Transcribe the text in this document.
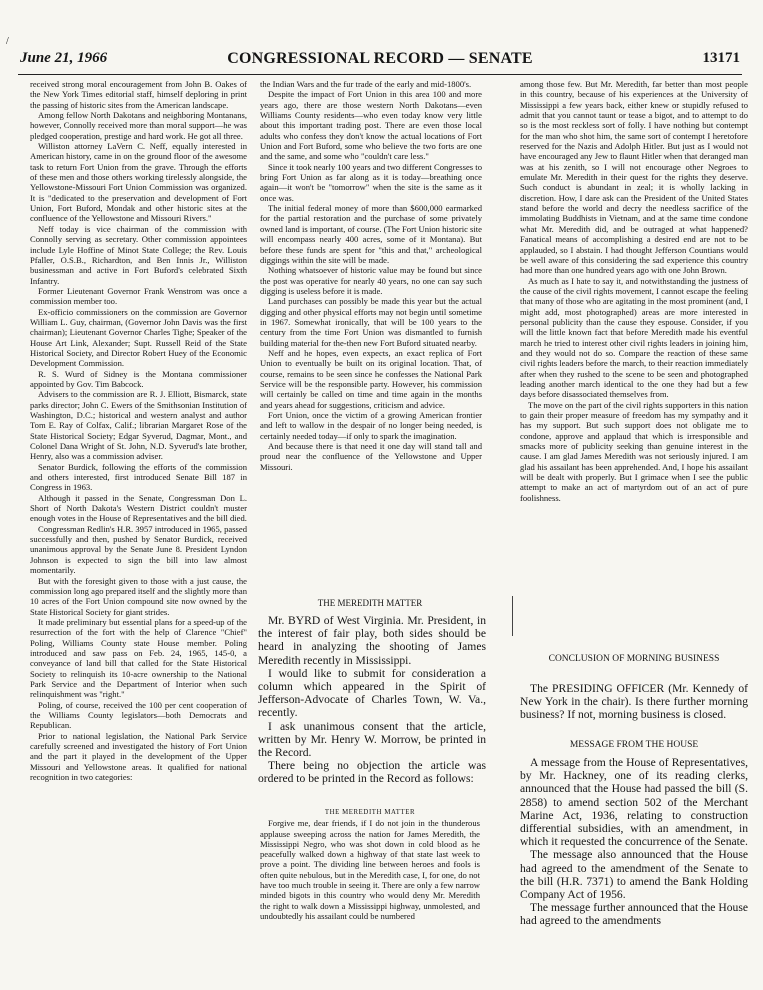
/
June 21, 1966	CONGRESSIONAL RECORD — SENATE	13171

received strong moral encouragement from John B. Oakes of the New York Times editorial staff, himself deploring in print the passing of historic sites from the American landscape.

Among fellow North Dakotans and neighboring Montanans, however, Connolly received more than moral support—he was pledged cooperation, prestige and hard work. He got all three.

Williston attorney LaVern C. Neff, equally interested in American history, came in on the ground floor of the awesome task to return Fort Union from the grave. Through the efforts of these men and those others working tirelessly alongside, the Yellowstone-Missouri Fort Union Commission was organized. It is "dedicated to the preservation and development of Fort Union, Fort Buford, Mondak and other historic sites at the confluence of the Yellowstone and Missouri Rivers."

Neff today is vice chairman of the commission with Connolly serving as secretary. Other commission appointees include Lyle Hoffine of Minot State College; the Rev. Louis Pfaller, O.S.B., Richardton, and Ben Innis Jr., Williston businessman and active in Fort Buford's celebrated Sixth Infantry.

Former Lieutenant Governor Frank Wenstrom was once a commission member too.

Ex-officio commissioners on the commission are Governor William L. Guy, chairman, (Governor John Davis was the first chairman); Lieutenant Governor Charles Tighe; Speaker of the House Art Link, Alexander; Supt. Russell Reid of the State Historical Society, and Director Robert Huey of the Economic Development Commission.

R. S. Wurd of Sidney is the Montana commissioner appointed by Gov. Tim Babcock.

Advisers to the commission are R. J. Elliott, Bismarck, state parks director; John C. Ewers of the Smithsonian Institution of Washington, D.C.; historical and western analyst and author Tom E. Ray of Colfax, Calif.; librarian Margaret Rose of the State Historical Society; Edgar Syverud, Dagmar, Mont., and Colonel Dana Wright of St. John, N.D. Syverud's late brother, Henry, also was a commission adviser.

Senator Burdick, following the efforts of the commission and others interested, first introduced Senate Bill 187 in Congress in 1963.

Although it passed in the Senate, Congressman Don L. Short of North Dakota's Western District couldn't muster enough votes in the House of Representatives and the bill died.

Congressman Redlin's H.R. 3957 introduced in 1965, passed successfully and then, pushed by Senator Burdick, received unanimous approval by the Senate June 8. President Lyndon Johnson is expected to sign the bill into law almost momentarily.

But with the foresight given to those with a just cause, the commission long ago prepared itself and the slightly more than 10 acres of the Fort Union compound site now owned by the State Historical Society for giant strides.

It made preliminary but essential plans for a speed-up of the resurrection of the fort with the help of Clarence "Chief" Poling, Williams County state House member. Poling introduced and saw pass on Feb. 24, 1965, 145-0, a conveyance of land bill that called for the State Historical Society to relinquish its 10-acre ownership to the National Park Service and the Department of Interior when such relinquishment was "right."

Poling, of course, received the 100 per cent cooperation of the Williams County legislators—both Democrats and Republican.

Prior to national legislation, the National Park Service carefully screened and investigated the history of Fort Union and the part it played in the development of the Upper Missouri and Yellowstone areas. It qualified for national recognition in two categories:

the Indian Wars and the fur trade of the early and mid-1800's.

Despite the impact of Fort Union in this area 100 and more years ago, there are those western North Dakotans—even Williams County residents—who even today know very little about this important trading post. There are even those local adults who confess they don't know the actual locations of Fort Union and Fort Buford, some who believe the two forts are one and the same, and some who "couldn't care less."

Since it took nearly 100 years and two different Congresses to bring Fort Union as far along as it is today—breathing once again—it won't be "tomorrow" when the site is the same as it once was.

The initial federal money of more than $600,000 earmarked for the partial restoration and the purchase of some privately owned land is important, of course. (The Fort Union historic site will encompass nearly 400 acres, some of it Montana). But before these funds are spent for "this and that," archeological diggings within the site will be made.

Nothing whatsoever of historic value may be found but since the post was operative for nearly 40 years, no one can say such digging is useless before it is made.

Land purchases can possibly be made this year but the actual digging and other physical efforts may not begin until sometime in 1967. Somewhat ironically, that will be 100 years to the century from the time Fort Union was dismantled to furnish building material for the-then new Fort Buford situated nearby.

Neff and he hopes, even expects, an exact replica of Fort Union to eventually be built on its original location. That, of course, remains to be seen since he confesses the National Park Service will be the responsible party. However, his commission will certainly be called on time and time again in the months and years ahead for suggestions, criticism and advice.

Fort Union, once the victim of a growing American frontier and left to wallow in the despair of no longer being needed, is certainly needed today—if only to spark the imagination.

And because there is that need it one day will stand tall and proud near the confluence of the Yellowstone and Upper Missouri.

THE MEREDITH MATTER

Mr. BYRD of West Virginia. Mr. President, in the interest of fair play, both sides should be heard in analyzing the shooting of James Meredith recently in Mississippi.

I would like to submit for consideration a column which appeared in the Spirit of Jefferson-Advocate of Charles Town, W. Va., recently.

I ask unanimous consent that the article, written by Mr. Henry W. Morrow, be printed in the Record.

There being no objection the article was ordered to be printed in the Record as follows:

THE MEREDITH MATTER

Forgive me, dear friends, if I do not join in the thunderous applause sweeping across the nation for James Meredith, the Mississippi Negro, who was shot down in cold blood as he peacefully walked down a highway of that state last week to prove a point. The dividing line between heroes and fools is often quite nebulous, but in the Meredith case, I, for one, do not have too much trouble in seeing it. There are only a few narrow minded bigots in this country who would deny Mr. Meredith the right to walk down a Mississippi highway, unmolested, and undoubtedly his assailant could be numbered

among those few. But Mr. Meredith, far better than most people in this country, because of his experiences at the University of Mississippi a few years back, either knew or stupidly refused to admit that you cannot taunt or tease a bigot, and to attempt to do so is the most reckless sort of folly. I have nothing but contempt for the man who shot him, the same sort of contempt I heretofore reserved for the Nazis and Adolph Hitler. But just as I would not have encouraged any Jew to flaunt Hitler when that deranged man was at his zenith, so I will not encourage other Negroes to emulate Mr. Meredith in their quest for the rights they deserve. Such conduct is abundant in zeal; it is wholly lacking in discretion. How, I dare ask can the President of the United States stand before the world and decry the needless sacrifice of the immolating Buddhists in Vietnam, and at the same time condone what Mr. Meredith did, and be outraged at what happened? Fanatical means of accomplishing a desired end are not to be applauded, so I abstain. I had thought Jefferson Countians would be well aware of this considering the sad experience this country had more than one hundred years ago with one John Brown.

As much as I hate to say it, and notwithstanding the justness of the cause of the civil rights movement, I cannot escape the feeling that many of those who are agitating in the most prominent (and, I might add, most photographed) areas are more interested in personal publicity than the cause they espouse. Consider, if you will the little known fact that before Meredith made his eventful march he tried to interest other civil rights leaders in joining him, and they would not do so. Compare the reaction of these same civil rights leaders before the march, to their reaction immediately after when they rushed to the scene to be seen and photographed leading another march identical to the one they had but a few days before disassociated themselves from.

The move on the part of the civil rights supporters in this nation to gain their proper measure of freedom has my sympathy and it has my support. But such support does not obligate me to condone, approve and applaud that which is irresponsible and smacks more of publicity seeking than genuine interest in the cause. I am glad James Meredith was not seriously injured. I am glad his assailant has been apprehended. And, I hope his assailant will be dealt with properly. But I grimace when I see the public attempt to make an act of martyrdom out of an act of pure foolishness.

CONCLUSION OF MORNING BUSINESS

The PRESIDING OFFICER (Mr. Kennedy of New York in the chair). Is there further morning business? If not, morning business is closed.

MESSAGE FROM THE HOUSE

A message from the House of Representatives, by Mr. Hackney, one of its reading clerks, announced that the House had passed the bill (S. 2858) to amend section 502 of the Merchant Marine Act, 1936, relating to construction differential subsidies, with an amendment, in which it requested the concurrence of the Senate.

The message also announced that the House had agreed to the amendment of the Senate to the bill (H.R. 7371) to amend the Bank Holding Company Act of 1956.

The message further announced that the House had agreed to the amendments
